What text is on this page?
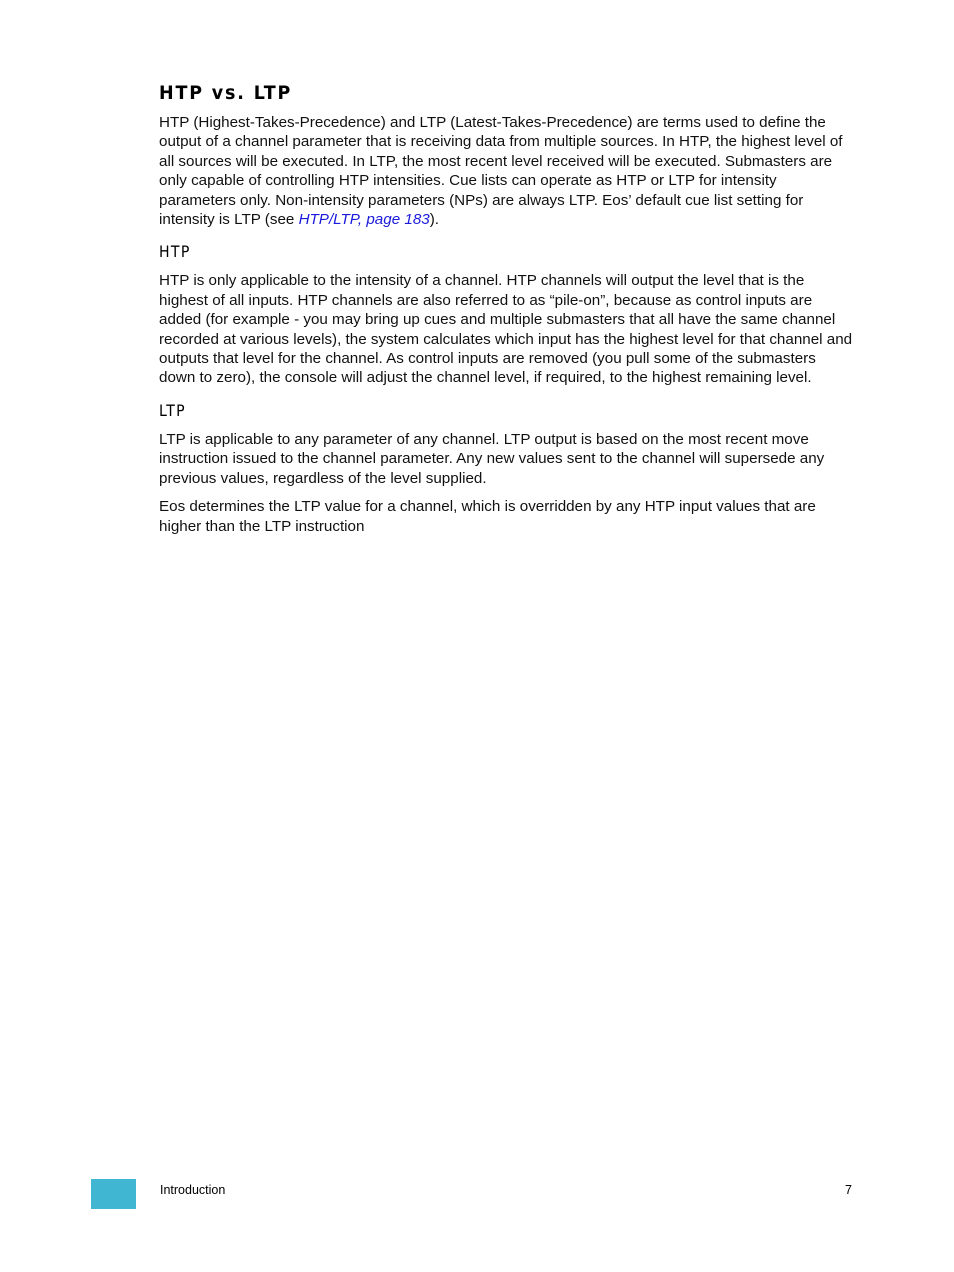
HTP vs. LTP

HTP (Highest-Takes-Precedence) and LTP (Latest-Takes-Precedence) are terms used to define the output of a channel parameter that is receiving data from multiple sources. In HTP, the highest level of all sources will be executed. In LTP, the most recent level received will be executed. Submasters are only capable of controlling HTP intensities. Cue lists can operate as HTP or LTP for intensity parameters only. Non-intensity parameters (NPs) are always LTP. Eos’ default cue list setting for intensity is LTP (see HTP/LTP, page 183).

HTP

HTP is only applicable to the intensity of a channel. HTP channels will output the level that is the highest of all inputs. HTP channels are also referred to as “pile-on”, because as control inputs are added (for example - you may bring up cues and multiple submasters that all have the same channel recorded at various levels), the system calculates which input has the highest level for that channel and outputs that level for the channel. As control inputs are removed (you pull some of the submasters down to zero), the console will adjust the channel level, if required, to the highest remaining level.

LTP

LTP is applicable to any parameter of any channel. LTP output is based on the most recent move instruction issued to the channel parameter. Any new values sent to the channel will supersede any previous values, regardless of the level supplied.

Eos determines the LTP value for a channel, which is overridden by any HTP input values that are higher than the LTP instruction

Introduction	7
